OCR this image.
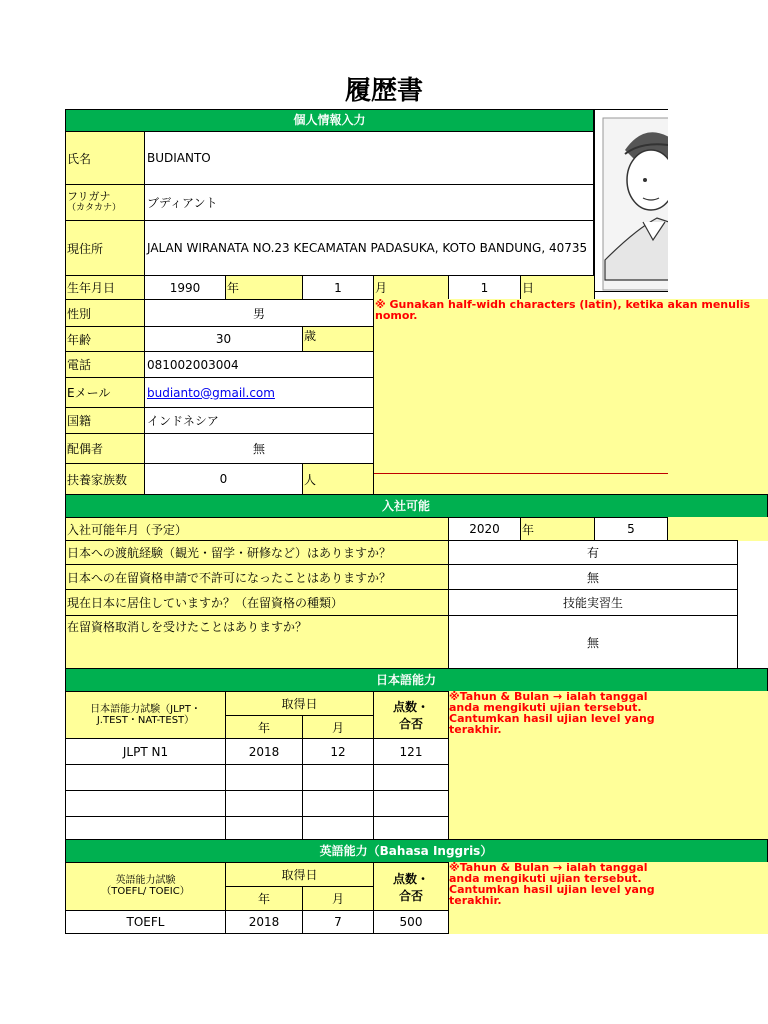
履歴書
個人情報入力
氏名	BUDIANTO
フリガナ
（カタカナ）	ブディアント
現住所	JALAN WIRANATA NO.23 KECAMATAN PADASUKA, KOTO BANDUNG, 40735
生年月日	1990	年	1	月	1	日
※ Gunakan half-widh characters (latin), ketika akan menulis nomor.
性別	男
年齢	30	歳
電話	081002003004
Eメール	budianto@gmail.com
国籍	インドネシア
配偶者	無
扶養家族数	0	人
入社可能
入社可能年月（予定）	2020	年	5
日本への渡航経験（観光・留学・研修など）はありますか？	有
日本への在留資格申請で不許可になったことはありますか？	無
現在日本に居住していますか？（在留資格の種類）	技能実習生
在留資格取消しを受けたことはありますか？
無
日本語能力
日本語能力試験（JLPT・J.TEST・NAT-TEST）
取得日
年	月
点数・合否
※Tahun & Bulan → ialah tanggal anda mengikuti ujian tersebut.
Cantumkan hasil ujian level yang terakhir.
JLPT N1	2018	12	121
英語能力（Bahasa Inggris）
英語能力試験
（TOEFL/ TOEIC）
取得日
年	月
点数・合否
※Tahun & Bulan → ialah tanggal anda mengikuti ujian tersebut.
Cantumkan hasil ujian level yang terakhir.
TOEFL	2018	7	500
